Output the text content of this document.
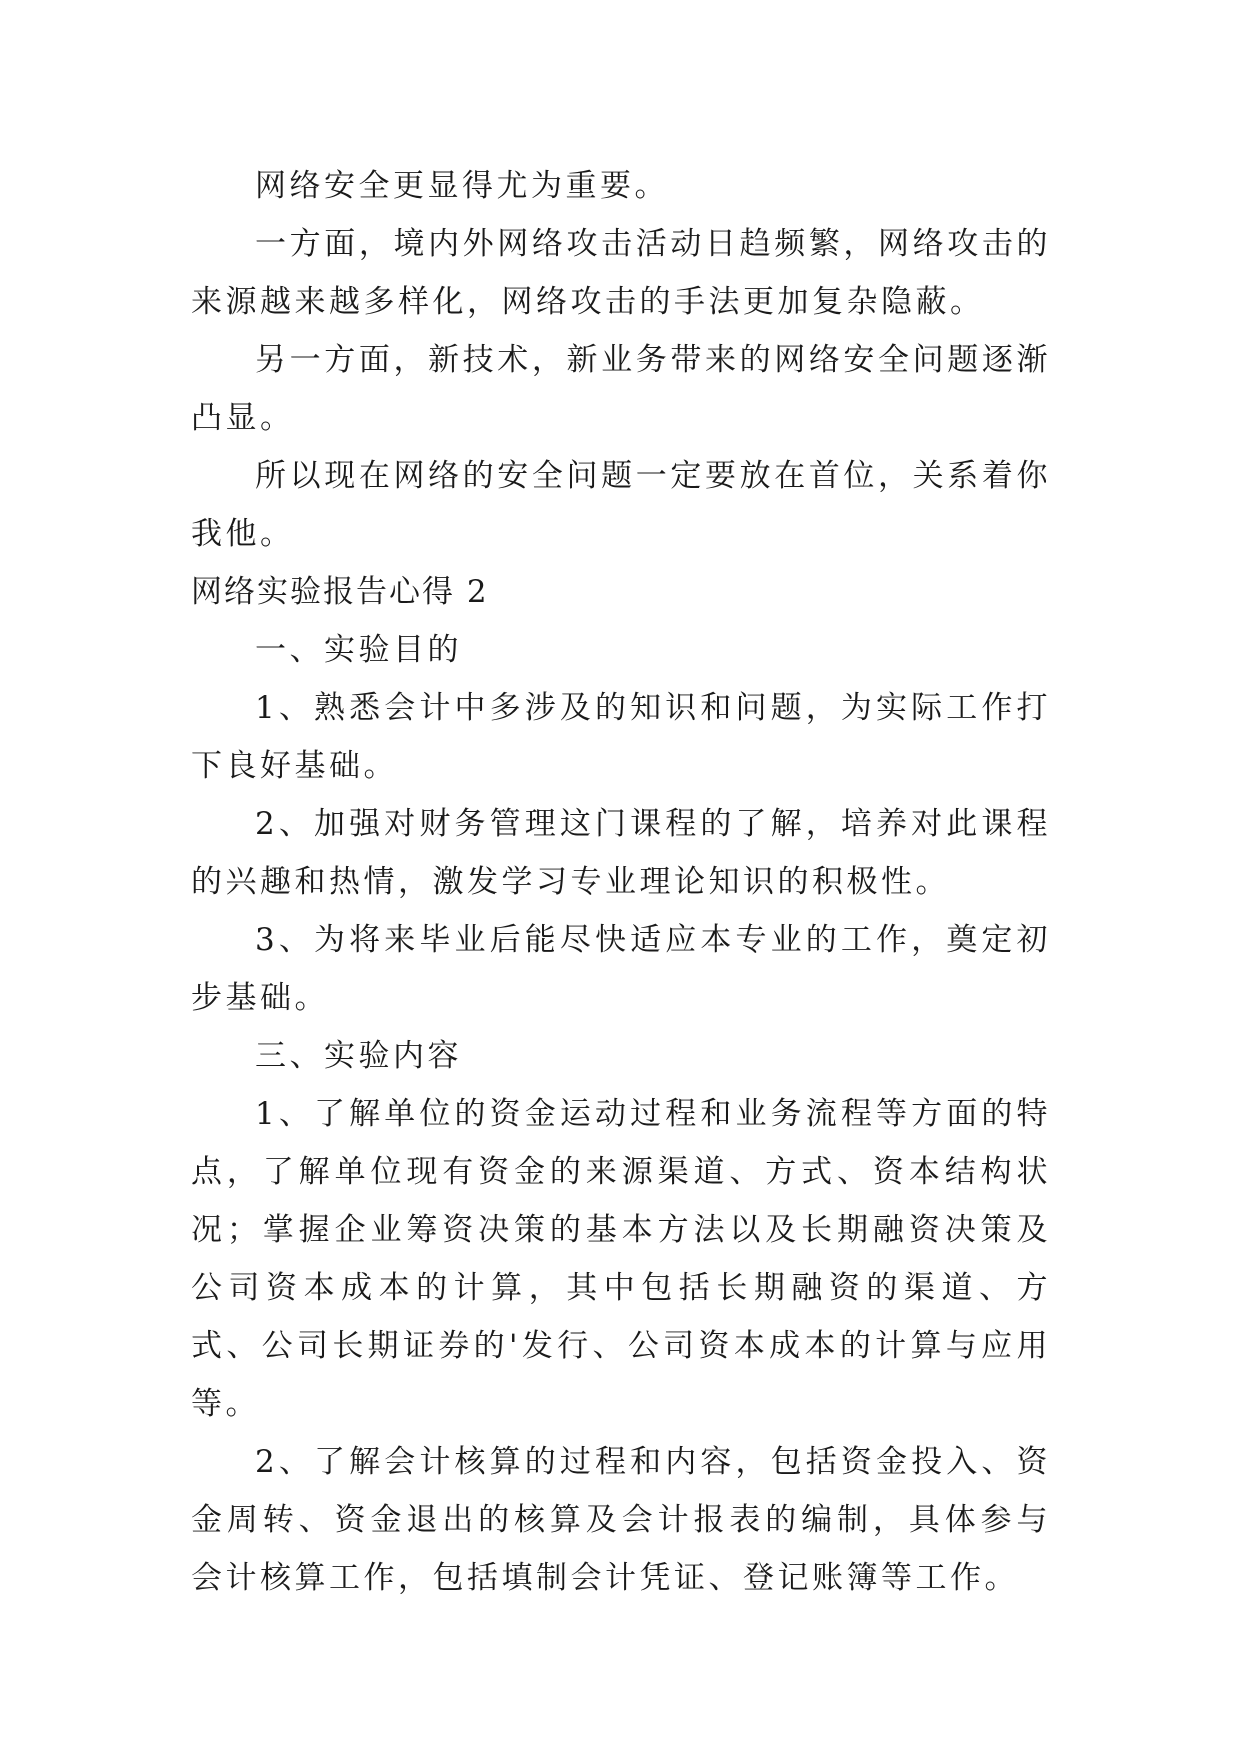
网络安全更显得尤为重要。

一方面，境内外网络攻击活动日趋频繁，网络攻击的来源越来越多样化，网络攻击的手法更加复杂隐蔽。

另一方面，新技术，新业务带来的网络安全问题逐渐凸显。

所以现在网络的安全问题一定要放在首位，关系着你我他。

网络实验报告心得 2

一、实验目的

1、熟悉会计中多涉及的知识和问题，为实际工作打下良好基础。

2、加强对财务管理这门课程的了解，培养对此课程的兴趣和热情，激发学习专业理论知识的积极性。

3、为将来毕业后能尽快适应本专业的工作，奠定初步基础。

三、实验内容

1、了解单位的资金运动过程和业务流程等方面的特点，了解单位现有资金的来源渠道、方式、资本结构状况；掌握企业筹资决策的基本方法以及长期融资决策及公司资本成本的计算，其中包括长期融资的渠道、方式、公司长期证券的'发行、公司资本成本的计算与应用等。

2、了解会计核算的过程和内容，包括资金投入、资金周转、资金退出的核算及会计报表的编制，具体参与会计核算工作，包括填制会计凭证、登记账簿等工作。
